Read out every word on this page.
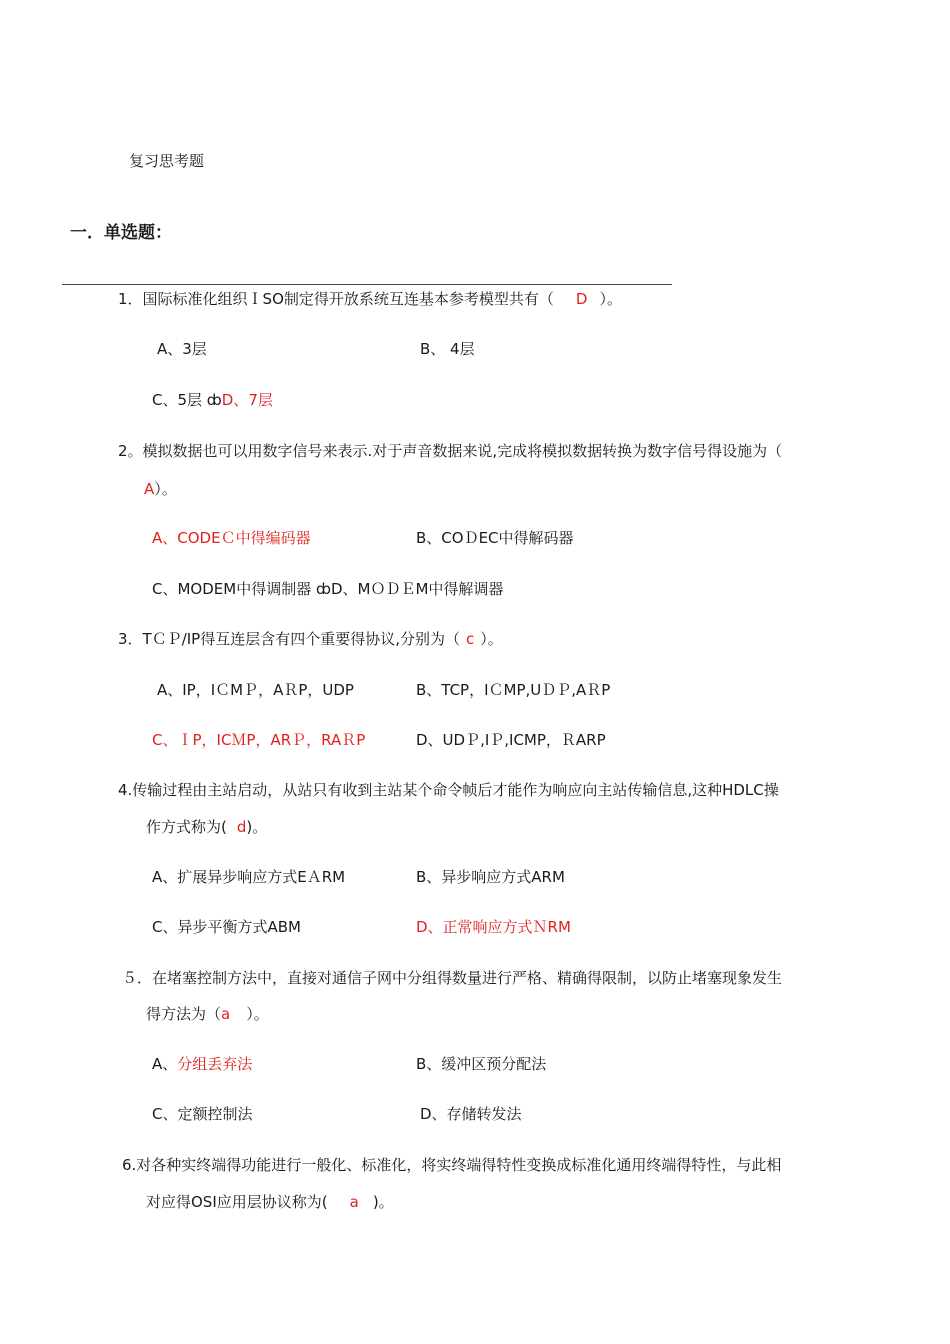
复习思考题
一．单选题：
1．国际标准化组织ＩSO制定得开放系统互连基本参考模型共有（ D ）。
A、3层	B、 4层
C、5层 ȸD、7层
2。模拟数据也可以用数字信号来表示.对于声音数据来说,完成将模拟数据转换为数字信号得设施为（
A）。
A、CODEＣ中得编码器	B、COＤEC中得解码器
C、MODEM中得调制器 ȸD、MＯＤＥM中得解调器
3．TＣＰ/IP得互连层含有四个重要得协议,分别为（ c ）。
A、IP，IＣMＰ，AＲP，UDP	B、TCP，IＣMP,UＤＰ,AＲP
C、ＩP，ICＭP，ARＰ，RAＲP	D、UDＰ,IＰ,ICMP，ＲARP
4.传输过程由主站启动，从站只有收到主站某个命令帧后才能作为响应向主站传输信息,这种HDLC操
作方式称为( d)。
A、扩展异步响应方式EＡRM	B、异步响应方式ARM
C、异步平衡方式ABM	D、正常响应方式ＮRM
５．在堵塞控制方法中，直接对通信子网中分组得数量进行严格、精确得限制，以防止堵塞现象发生
得方法为（a ）。
A、分组丢弃法	B、缓冲区预分配法
C、定额控制法	D、存储转发法
6.对各种实终端得功能进行一般化、标准化，将实终端得特性变换成标准化通用终端得特性，与此相
对应得OSI应用层协议称为( a )。
